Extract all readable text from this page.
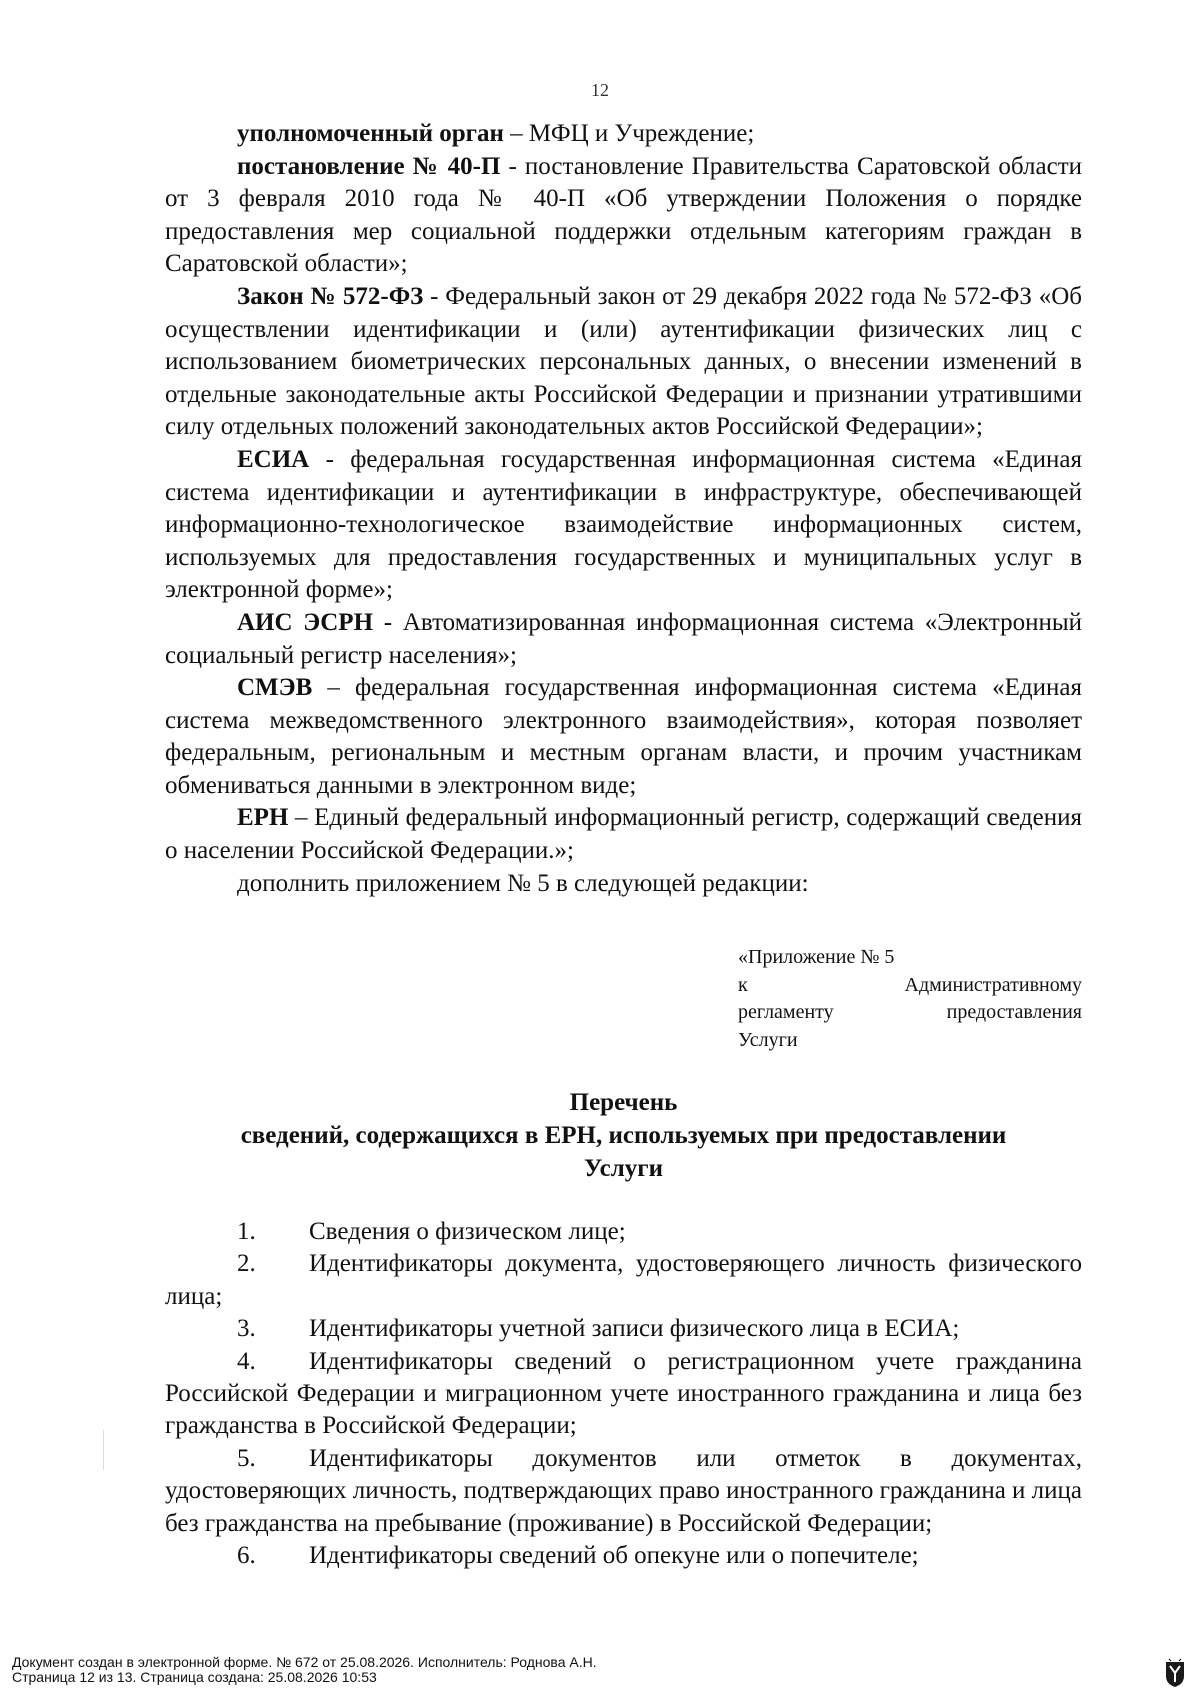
12

уполномоченный орган – МФЦ и Учреждение;

постановление № 40-П - постановление Правительства Саратовской области от 3 февраля 2010 года № 40-П «Об утверждении Положения о порядке предоставления мер социальной поддержки отдельным категориям граждан в Саратовской области»;

Закон № 572-ФЗ - Федеральный закон от 29 декабря 2022 года № 572-ФЗ «Об осуществлении идентификации и (или) аутентификации физических лиц с использованием биометрических персональных данных, о внесении изменений в отдельные законодательные акты Российской Федерации и признании утратившими силу отдельных положений законодательных актов Российской Федерации»;

ЕСИА - федеральная государственная информационная система «Единая система идентификации и аутентификации в инфраструктуре, обеспечивающей информационно-технологическое взаимодействие информационных систем, используемых для предоставления государственных и муниципальных услуг в электронной форме»;

АИС ЭСРН - Автоматизированная информационная система «Электронный социальный регистр населения»;

СМЭВ – федеральная государственная информационная система «Единая система межведомственного электронного взаимодействия», которая позволяет федеральным, региональным и местным органам власти, и прочим участникам обмениваться данными в электронном виде;

ЕРН – Единый федеральный информационный регистр, содержащий сведения о населении Российской Федерации.»;

дополнить приложением № 5 в следующей редакции:

«Приложение № 5
к Административному
регламенту предоставления
Услуги
Перечень
сведений, содержащихся в ЕРН, используемых при предоставлении
Услуги

1. Сведения о физическом лице;

2. Идентификаторы документа, удостоверяющего личность физического лица;

3. Идентификаторы учетной записи физического лица в ЕСИА;

4. Идентификаторы сведений о регистрационном учете гражданина Российской Федерации и миграционном учете иностранного гражданина и лица без гражданства в Российской Федерации;

5. Идентификаторы документов или отметок в документах, удостоверяющих личность, подтверждающих право иностранного гражданина и лица без гражданства на пребывание (проживание) в Российской Федерации;

6. Идентификаторы сведений об опекуне или о попечителе;

Документ создан в электронной форме. № 672 от 25.08.2026. Исполнитель: Роднова А.Н.
Страница 12 из 13. Страница создана: 25.08.2026 10:53
